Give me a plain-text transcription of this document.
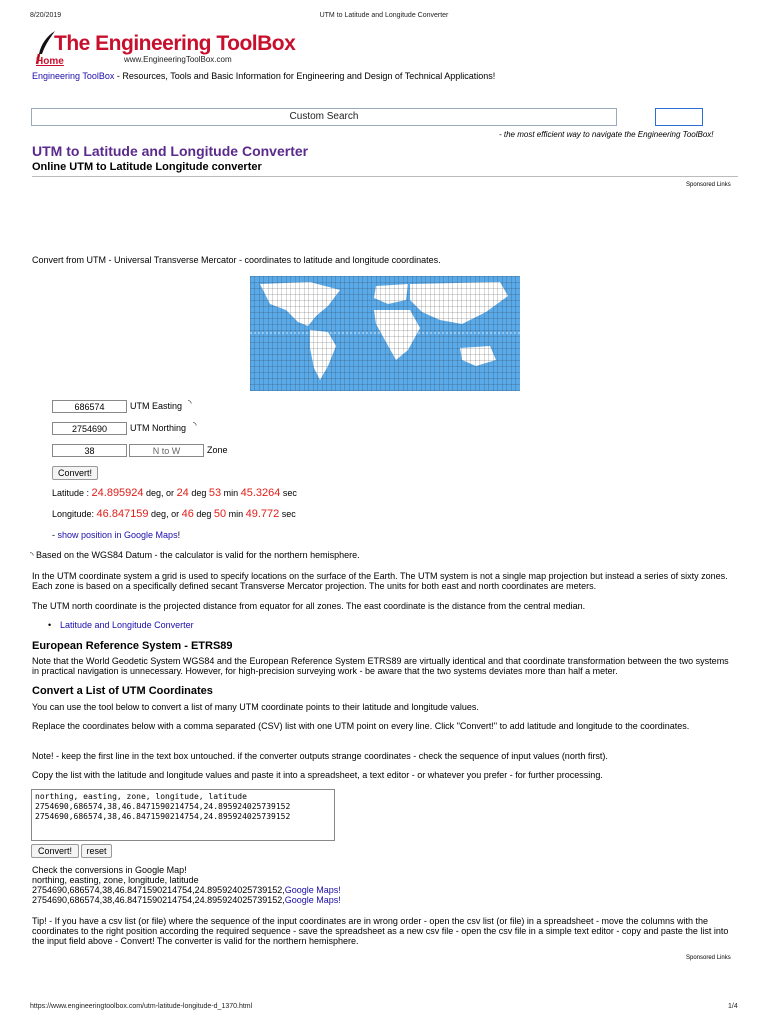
8/20/2019	UTM to Latitude and Longitude Converter
The Engineering ToolBox
www.EngineeringToolBox.com
Home
Engineering ToolBox - Resources, Tools and Basic Information for Engineering and Design of Technical Applications!
Custom Search
- the most efficient way to navigate the Engineering ToolBox!
UTM to Latitude and Longitude Converter
Online UTM to Latitude Longitude converter
Sponsored Links
Convert from UTM - Universal Transverse Mercator - coordinates to latitude and longitude coordinates.
686574	UTM Easting ◝
2754690	UTM Northing ◝
38	N to W	Zone
Convert!
Latitude : 24.895924 deg, or 24 deg 53 min 45.3264 sec
Longitude: 46.847159 deg, or 46 deg 50 min 49.772 sec
- show position in Google Maps!
◝ Based on the WGS84 Datum - the calculator is valid for the northern hemisphere.
In the UTM coordinate system a grid is used to specify locations on the surface of the Earth. The UTM system is not a single map projection but instead a series of sixty zones. Each zone is based on a specifically defined secant Transverse Mercator projection. The units for both east and north coordinates are meters.
The UTM north coordinate is the projected distance from equator for all zones. The east coordinate is the distance from the central median.
• Latitude and Longitude Converter
European Reference System - ETRS89
Note that the World Geodetic System WGS84 and the European Reference System ETRS89 are virtually identical and that coordinate transformation between the two systems in practical navigation is unnecessary. However, for high-precision surveying work - be aware that the two systems deviates more than half a meter.
Convert a List of UTM Coordinates
You can use the tool below to convert a list of many UTM coordinate points to their latitude and longitude values.
Replace the coordinates below with a comma separated (CSV) list with one UTM point on every line. Click "Convert!" to add latitude and longitude to the coordinates.
Note! - keep the first line in the text box untouched. if the converter outputs strange coordinates - check the sequence of input values (north first).
Copy the list with the latitude and longitude values and paste it into a spreadsheet, a text editor - or whatever you prefer - for further processing.
northing, easting, zone, longitude, latitude
2754690,686574,38,46.8471590214754,24.895924025739152
2754690,686574,38,46.8471590214754,24.895924025739152
Convert!	reset
Check the conversions in Google Map!
northing, easting, zone, longitude, latitude
2754690,686574,38,46.8471590214754,24.895924025739152,Google Maps!
2754690,686574,38,46.8471590214754,24.895924025739152,Google Maps!
Tip! - If you have a csv list (or file) where the sequence of the input coordinates are in wrong order - open the csv list (or file) in a spreadsheet - move the columns with the coordinates to the right position according the required sequence - save the spreadsheet as a new csv file - open the csv file in a simple text editor - copy and paste the list into the input field above - Convert! The converter is valid for the northern hemisphere.
Sponsored Links
https://www.engineeringtoolbox.com/utm-latitude-longitude-d_1370.html	1/4
